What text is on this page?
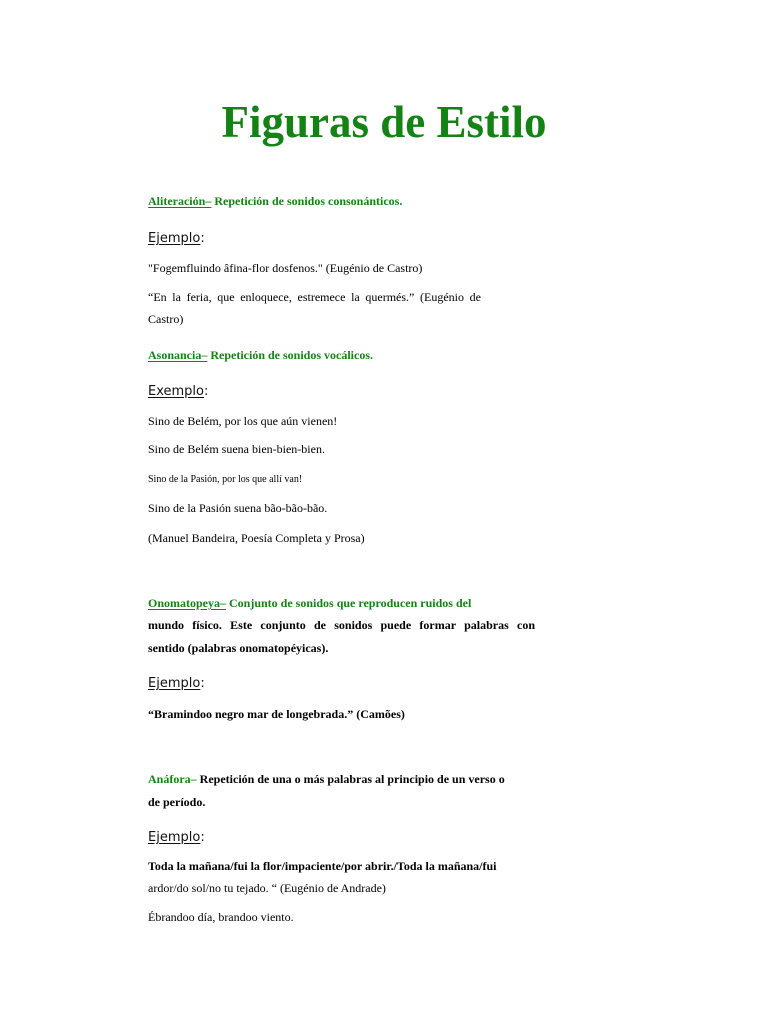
Figuras de Estilo
Aliteración– Repetición de sonidos consonánticos.
Ejemplo:
"Fogemfluindo âfina-flor dosfenos." (Eugénio de Castro)
“En la feria, que enloquece, estremece la quermés.” (Eugénio de
Castro)
Asonancia– Repetición de sonidos vocálicos.
Exemplo:
Sino de Belém, por los que aún vienen!
Sino de Belém suena bien-bien-bien.
Sino de la Pasión, por los que allí van!
Sino de la Pasión suena bão-bão-bão.
(Manuel Bandeira, Poesía Completa y Prosa)
Onomatopeya– Conjunto de sonidos que reproducen ruidos del
mundo físico. Este conjunto de sonidos puede formar palabras con
sentido (palabras onomatopéyicas).
Ejemplo:
“Bramindoo negro mar de longebrada.” (Camões)
Anáfora– Repetición de una o más palabras al principio de un verso o
de período.
Ejemplo:
Toda la mañana/fui la flor/impaciente/por abrir./Toda la mañana/fui
ardor/do sol/no tu tejado. “ (Eugénio de Andrade)
Ébrandoo día, brandoo viento.
